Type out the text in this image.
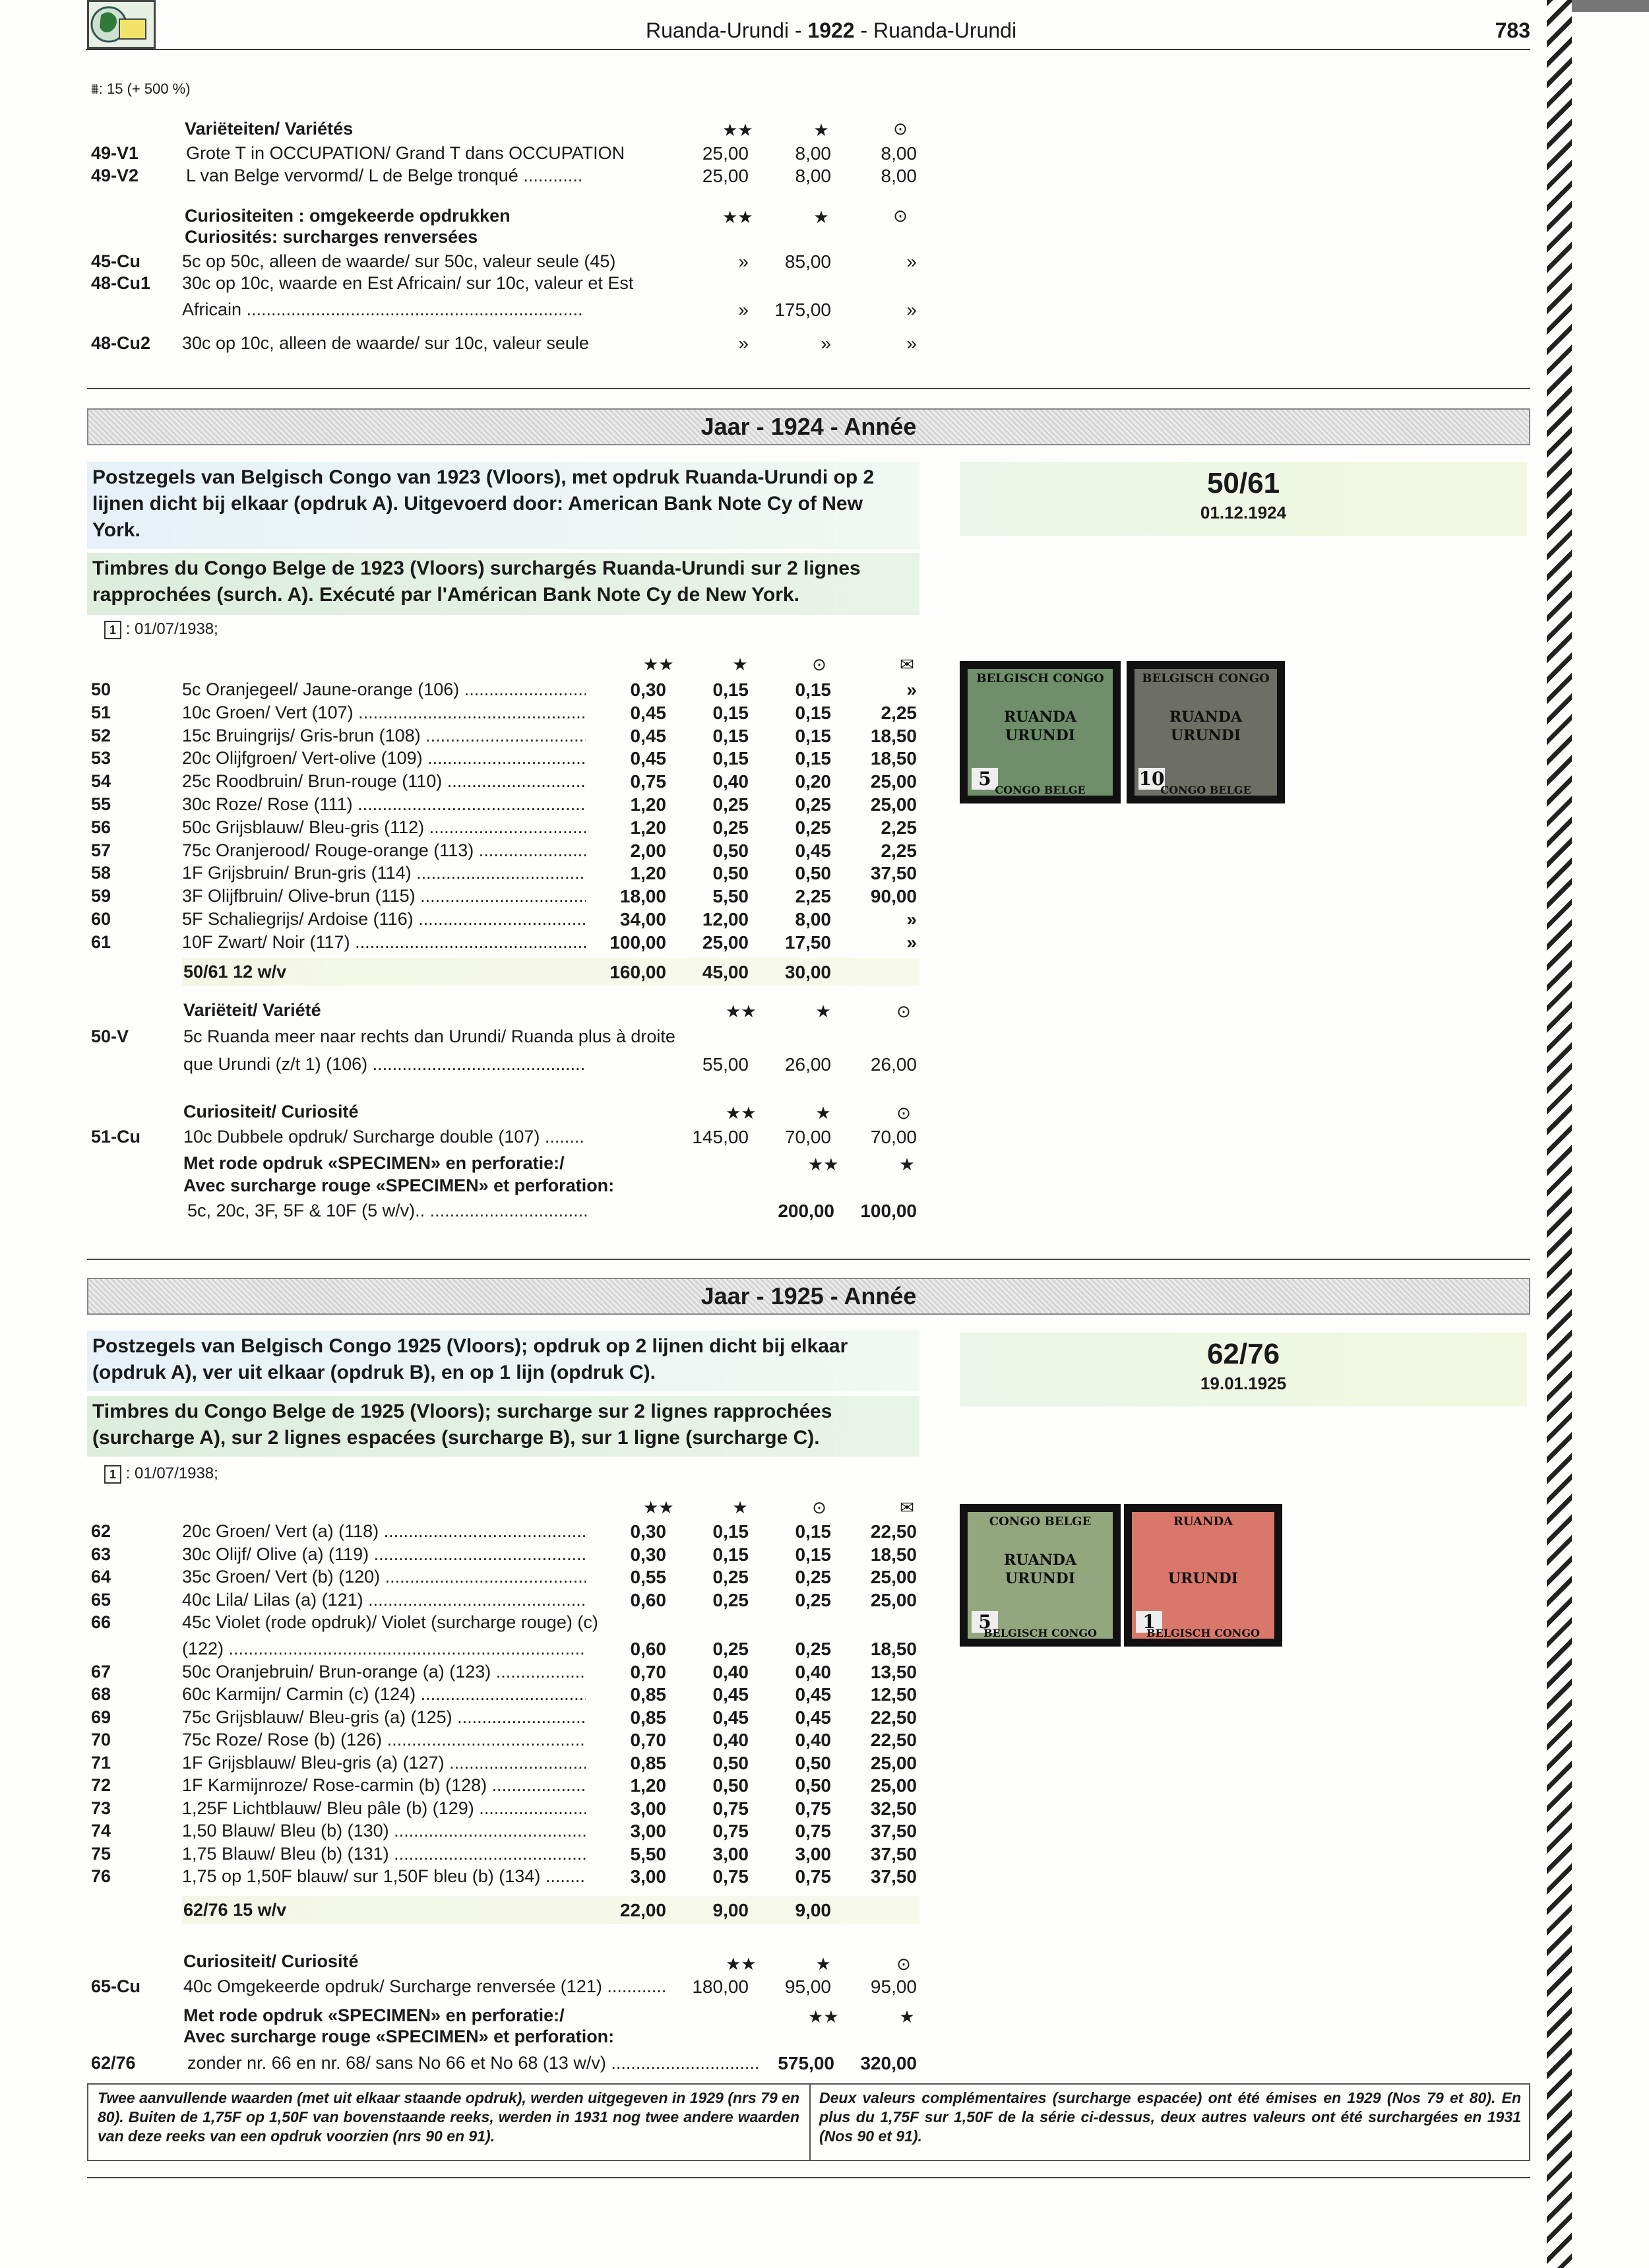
Ruanda-Urundi - 1922 - Ruanda-Urundi	783
⩩: 15 (+ 500 %)
Variëteiten/ Variétés	★★	★	⊙
49-V1	Grote T in OCCUPATION/ Grand T dans OCCUPATION	25,00	8,00	8,00
49-V2	L van Belge vervormd/ L de Belge tronqué .....	25,00	8,00	8,00
Curiositeiten : omgekeerde opdrukken
Curiosités: surcharges renversées
★★	★	⊙
45-Cu 5c op 50c, alleen de waarde/ sur 50c, valeur seule (45)	»	85,00	»
48-Cu1 30c op 10c, waarde en Est Africain/ sur 10c, valeur et Est
Africain .....	»	175,00	»
48-Cu2 30c op 10c, alleen de waarde/ sur 10c, valeur seule	»	»	»
Jaar - 1924 - Année
Postzegels van Belgisch Congo van 1923 (Vloors), met opdruk Ruanda-Urundi op 2 lijnen dicht bij elkaar (opdruk A). Uitgevoerd door: American Bank Note Cy of New York.
Timbres du Congo Belge de 1923 (Vloors) surchargés Ruanda-Urundi sur 2 lignes rapprochées (surch. A). Exécuté par l'Américan Bank Note Cy de New York.
50/61
01.12.1924
1 : 01/07/1938;
★★	★	⊙	✉
50	5c Oranjegeel/ Jaune-orange (106) .....	0,30	0,15	0,15	»
51	10c Groen/ Vert (107) .....	0,45	0,15	0,15	2,25
52	15c Bruingrijs/ Gris-brun (108) .....	0,45	0,15	0,15	18,50
53	20c Olijfgroen/ Vert-olive (109) .....	0,45	0,15	0,15	18,50
54	25c Roodbruin/ Brun-rouge (110) .....	0,75	0,40	0,20	25,00
55	30c Roze/ Rose (111) .....	1,20	0,25	0,25	25,00
56	50c Grijsblauw/ Bleu-gris (112) .....	1,20	0,25	0,25	2,25
57	75c Oranjerood/ Rouge-orange (113) .....	2,00	0,50	0,45	2,25
58	1F Grijsbruin/ Brun-gris (114) .....	1,20	0,50	0,50	37,50
59	3F Olijfbruin/ Olive-brun (115) .....	18,00	5,50	2,25	90,00
60	5F Schaliegrijs/ Ardoise (116) .....	34,00	12,00	8,00	»
61	10F Zwart/ Noir (117) .....	100,00	25,00	17,50	»
50/61 12 w/v	160,00	45,00	30,00
Variëteit/ Variété	★★	★	⊙
50-V	5c Ruanda meer naar rechts dan Urundi/ Ruanda plus à droite
que Urundi (z/t 1) (106) .....	55,00	26,00	26,00
Curiositeit/ Curiosité	★★	★	⊙
51-Cu 10c Dubbele opdruk/ Surcharge double (107) .....	145,00	70,00	70,00
Met rode opdruk «SPECIMEN» en perforatie:/
Avec surcharge rouge «SPECIMEN» et perforation:
★★	★
5c, 20c, 3F, 5F & 10F (5 w/v).. .....	200,00	100,00
BELGISCH CONGO
RUANDA
URUNDI
5
CONGO BELGE
BELGISCH CONGO
RUANDA
URUNDI
10
CONGO BELGE
Jaar - 1925 - Année
Postzegels van Belgisch Congo 1925 (Vloors); opdruk op 2 lijnen dicht bij elkaar (opdruk A), ver uit elkaar (opdruk B), en op 1 lijn (opdruk C).
Timbres du Congo Belge de 1925 (Vloors); surcharge sur 2 lignes rapprochées (surcharge A), sur 2 lignes espacées (surcharge B), sur 1 ligne (surcharge C).
62/76
19.01.1925
1 : 01/07/1938;
★★	★	⊙	✉
62	20c Groen/ Vert (a) (118) .....	0,30	0,15	0,15	22,50
63	30c Olijf/ Olive (a) (119) .....	0,30	0,15	0,15	18,50
64	35c Groen/ Vert (b) (120) .....	0,55	0,25	0,25	25,00
65	40c Lila/ Lilas (a) (121) .....	0,60	0,25	0,25	25,00
66	45c Violet (rode opdruk)/ Violet (surcharge rouge) (c)
(122) .....	0,60	0,25	0,25	18,50
67	50c Oranjebruin/ Brun-orange (a) (123) .....	0,70	0,40	0,40	13,50
68	60c Karmijn/ Carmin (c) (124) .....	0,85	0,45	0,45	12,50
69	75c Grijsblauw/ Bleu-gris (a) (125) .....	0,85	0,45	0,45	22,50
70	75c Roze/ Rose (b) (126) .....	0,70	0,40	0,40	22,50
71	1F Grijsblauw/ Bleu-gris (a) (127) .....	0,85	0,50	0,50	25,00
72	1F Karmijnroze/ Rose-carmin (b) (128) .....	1,20	0,50	0,50	25,00
73	1,25F Lichtblauw/ Bleu pâle (b) (129) .....	3,00	0,75	0,75	32,50
74	1,50 Blauw/ Bleu (b) (130) .....	3,00	0,75	0,75	37,50
75	1,75 Blauw/ Bleu (b) (131) .....	5,50	3,00	3,00	37,50
76	1,75 op 1,50F blauw/ sur 1,50F bleu (b) (134) .....	3,00	0,75	0,75	37,50
62/76 15 w/v	22,00	9,00	9,00
Curiositeit/ Curiosité	★★	★	⊙
65-Cu 40c Omgekeerde opdruk/ Surcharge renversée (121) .....	180,00	95,00	95,00
Met rode opdruk «SPECIMEN» en perforatie:/
Avec surcharge rouge «SPECIMEN» et perforation:
★★	★
62/76	zonder nr. 66 en nr. 68/ sans No 66 et No 68 (13 w/v) .....	575,00	320,00
CONGO BELGE
RUANDA
URUNDI
5
BELGISCH CONGO
RUANDA
URUNDI
1
BELGISCH CONGO
Twee aanvullende waarden (met uit elkaar staande opdruk), werden uitgegeven in 1929 (nrs 79 en 80). Buiten de 1,75F op 1,50F van bovenstaande reeks, werden in 1931 nog twee andere waarden van deze reeks van een opdruk voorzien (nrs 90 en 91).
Deux valeurs complémentaires (surcharge espacée) ont été émises en 1929 (Nos 79 et 80). En plus du 1,75F sur 1,50F de la série ci-dessus, deux autres valeurs ont été surchargées en 1931 (Nos 90 et 91).
